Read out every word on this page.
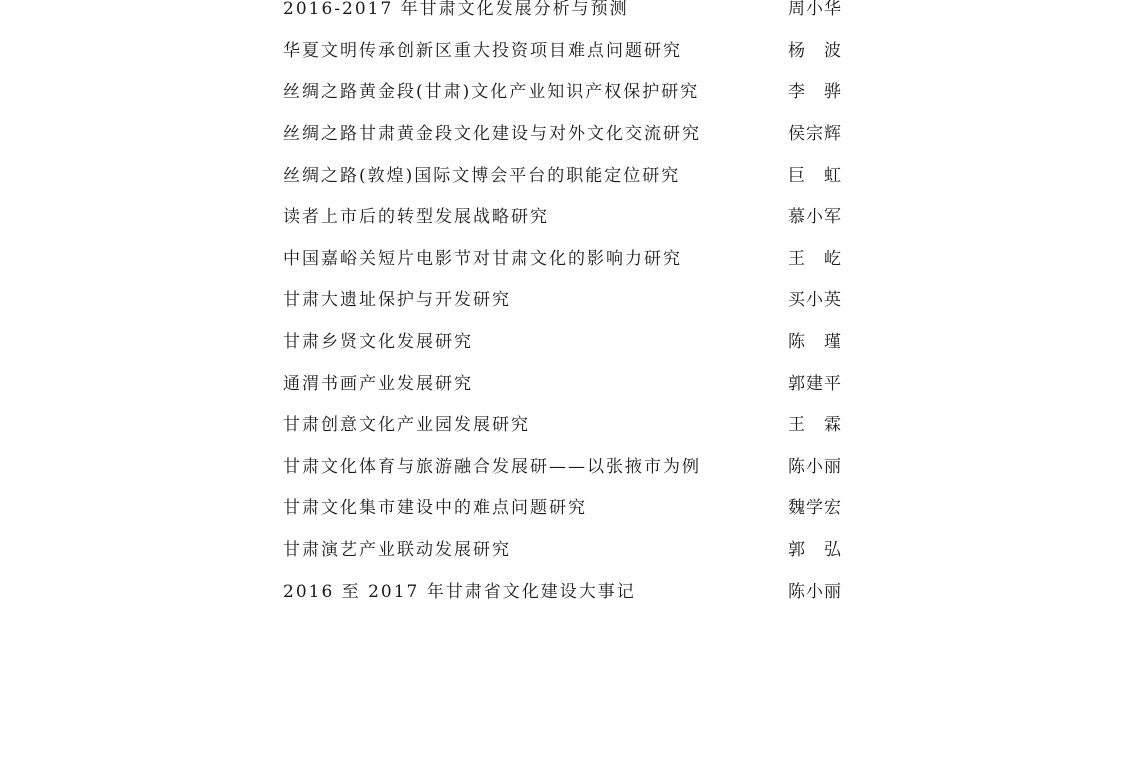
2016-2017 年甘肃文化发展分析与预测	周小华
华夏文明传承创新区重大投资项目难点问题研究	杨　波
丝绸之路黄金段(甘肃)文化产业知识产权保护研究	李　骅
丝绸之路甘肃黄金段文化建设与对外文化交流研究	侯宗辉
丝绸之路(敦煌)国际文博会平台的职能定位研究	巨　虹
读者上市后的转型发展战略研究	慕小军
中国嘉峪关短片电影节对甘肃文化的影响力研究	王　屹
甘肃大遗址保护与开发研究	买小英
甘肃乡贤文化发展研究	陈　瑾
通渭书画产业发展研究	郭建平
甘肃创意文化产业园发展研究	王　霖
甘肃文化体育与旅游融合发展研——以张掖市为例	陈小丽
甘肃文化集市建设中的难点问题研究	魏学宏
甘肃演艺产业联动发展研究	郭　弘
2016 至 2017 年甘肃省文化建设大事记	陈小丽
